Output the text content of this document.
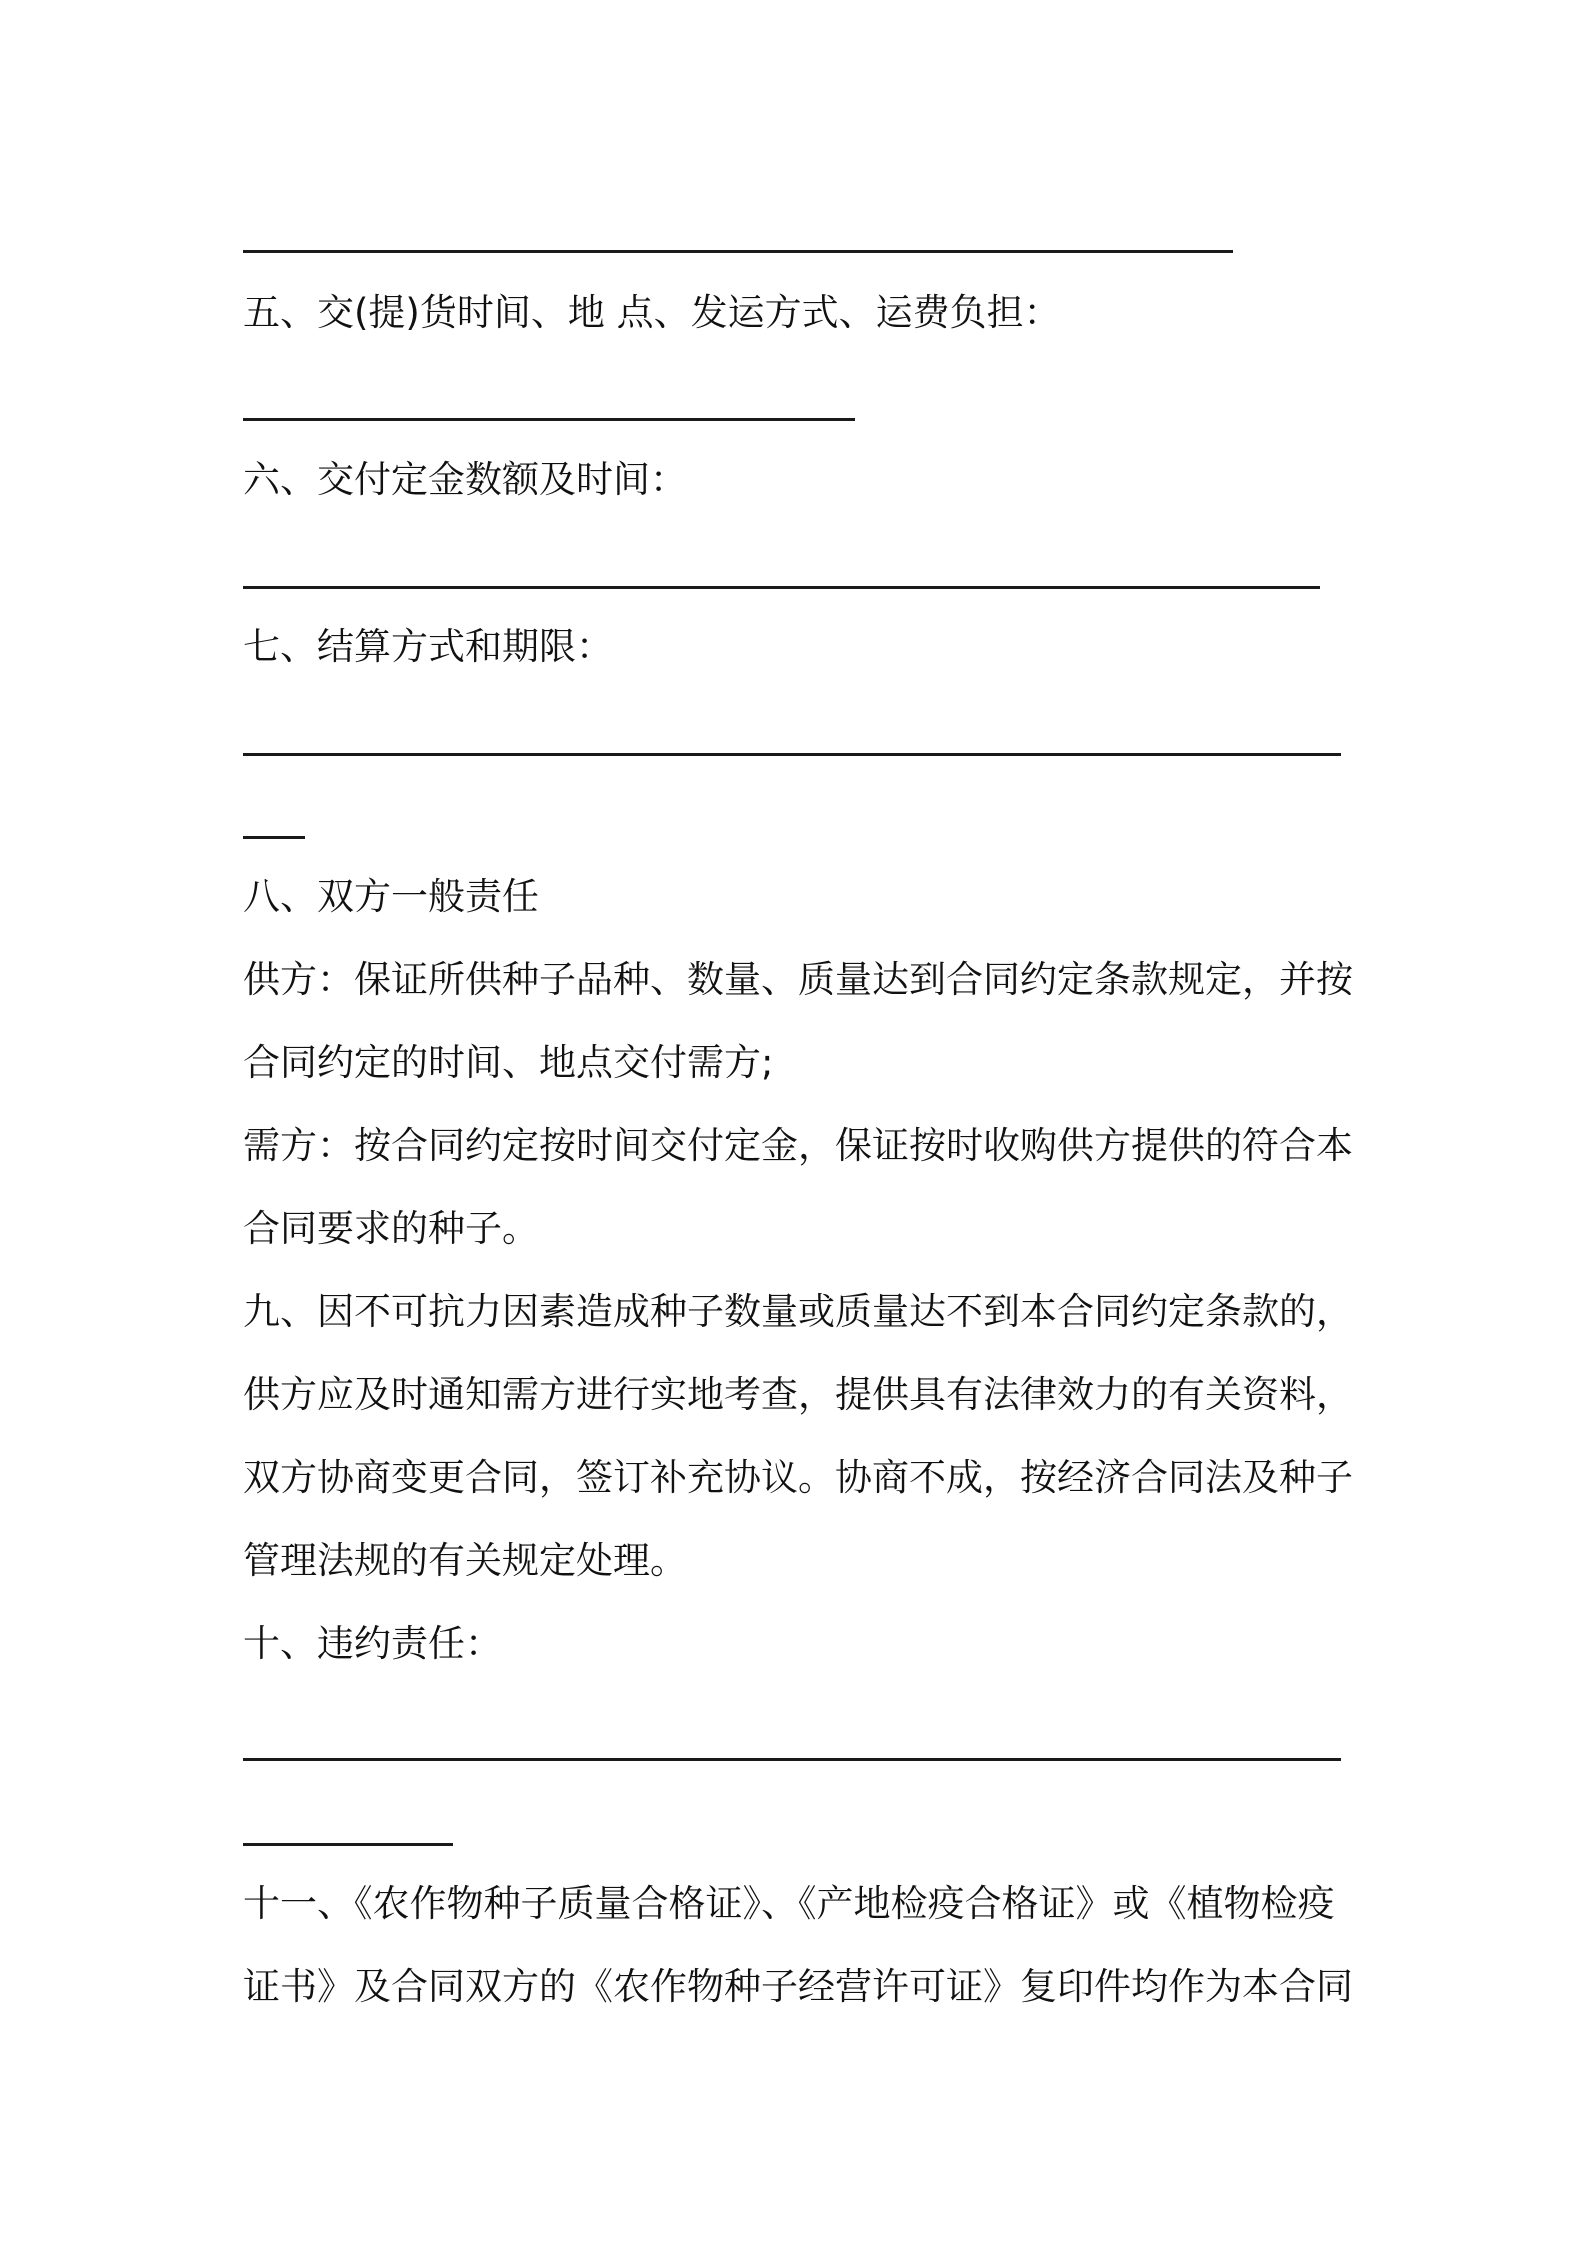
五、交(提)货时间、地 点、发运方式、运费负担：
六、交付定金数额及时间：
七、结算方式和期限：
八、双方一般责任
供方：保证所供种子品种、数量、质量达到合同约定条款规定，并按
合同约定的时间、地点交付需方;
需方：按合同约定按时间交付定金，保证按时收购供方提供的符合本
合同要求的种子。
九、因不可抗力因素造成种子数量或质量达不到本合同约定条款的，
供方应及时通知需方进行实地考查，提供具有法律效力的有关资料，
双方协商变更合同，签订补充协议。协商不成，按经济合同法及种子
管理法规的有关规定处理。
十、违约责任：
十一、《农作物种子质量合格证》、《产地检疫合格证》或《植物检疫
证书》及合同双方的《农作物种子经营许可证》复印件均作为本合同
